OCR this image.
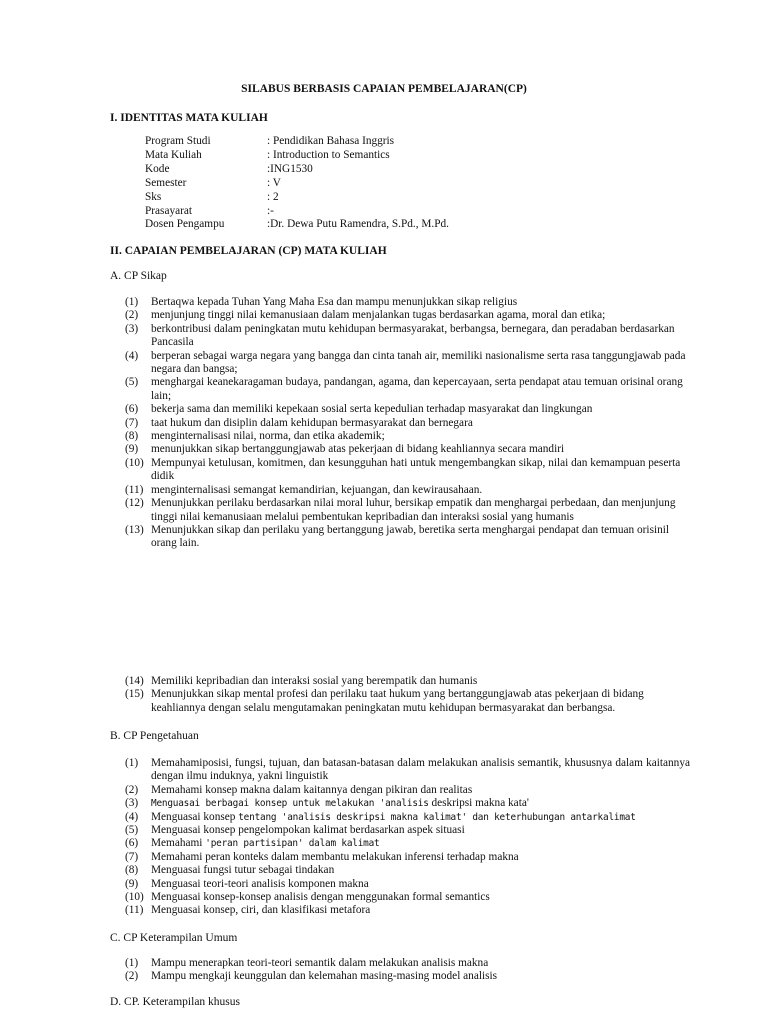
SILABUS BERBASIS CAPAIAN PEMBELAJARAN(CP)
I. IDENTITAS MATA KULIAH
Program Studi	: Pendidikan Bahasa Inggris
Mata Kuliah	: Introduction to Semantics
Kode	:ING1530
Semester	: V
Sks	: 2
Prasayarat	:-
Dosen Pengampu	:Dr. Dewa Putu Ramendra, S.Pd., M.Pd.
II. CAPAIAN PEMBELAJARAN (CP) MATA KULIAH
A. CP Sikap
(1)	Bertaqwa kepada Tuhan Yang Maha Esa dan mampu menunjukkan sikap religius
(2)	menjunjung tinggi nilai kemanusiaan dalam menjalankan tugas berdasarkan agama, moral dan etika;
(3)	berkontribusi dalam peningkatan mutu kehidupan bermasyarakat, berbangsa, bernegara, dan peradaban berdasarkan Pancasila
(4)	berperan sebagai warga negara yang bangga dan cinta tanah air, memiliki nasionalisme serta rasa tanggungjawab pada negara dan bangsa;
(5)	menghargai keanekaragaman budaya, pandangan, agama, dan kepercayaan, serta pendapat atau temuan orisinal orang lain;
(6)	bekerja sama dan memiliki kepekaan sosial serta kepedulian terhadap masyarakat dan lingkungan
(7)	taat hukum dan disiplin dalam kehidupan bermasyarakat dan bernegara
(8)	menginternalisasi nilai, norma, dan etika akademik;
(9)	menunjukkan sikap bertanggungjawab atas pekerjaan di bidang keahliannya secara mandiri
(10) Mempunyai ketulusan, komitmen, dan kesungguhan hati untuk mengembangkan sikap, nilai dan kemampuan peserta didik
(11) menginternalisasi semangat kemandirian, kejuangan, dan kewirausahaan.
(12) Menunjukkan perilaku berdasarkan nilai moral luhur, bersikap empatik dan menghargai perbedaan, dan menjunjung tinggi nilai kemanusiaan melalui pembentukan kepribadian dan interaksi sosial yang humanis
(13) Menunjukkan sikap dan perilaku yang bertanggung jawab, beretika serta menghargai pendapat dan temuan orisinil orang lain.
(14) Memiliki kepribadian dan interaksi sosial yang berempatik dan humanis
(15) Menunjukkan sikap mental profesi dan perilaku taat hukum yang bertanggungjawab atas pekerjaan di bidang keahliannya dengan selalu mengutamakan peningkatan mutu kehidupan bermasyarakat dan berbangsa.
B. CP Pengetahuan
(1)	Memahamiposisi, fungsi, tujuan, dan batasan-batasan dalam melakukan analisis semantik, khususnya dalam kaitannya dengan ilmu induknya, yakni linguistik
(2)	Memahami konsep makna dalam kaitannya dengan pikiran dan realitas
(3)	Menguasai berbagai konsep untuk melakukan 'analisis deskripsi makna kata'
(4)	Menguasai konsep tentang 'analisis deskripsi makna kalimat' dan keterhubungan antarkalimat
(5)	Menguasai konsep pengelompokan kalimat berdasarkan aspek situasi
(6)	Memahami 'peran partisipan' dalam kalimat
(7)	Memahami peran konteks dalam membantu melakukan inferensi terhadap makna
(8)	Menguasai fungsi tutur sebagai tindakan
(9)	Menguasai teori-teori analisis komponen makna
(10) Menguasai konsep-konsep analisis dengan menggunakan formal semantics
(11) Menguasai konsep, ciri, dan klasifikasi metafora
C. CP Keterampilan Umum
(1)	Mampu menerapkan teori-teori semantik dalam melakukan analisis makna
(2)	Mampu mengkaji keunggulan dan kelemahan masing-masing model analisis
D. CP. Keterampilan khusus
